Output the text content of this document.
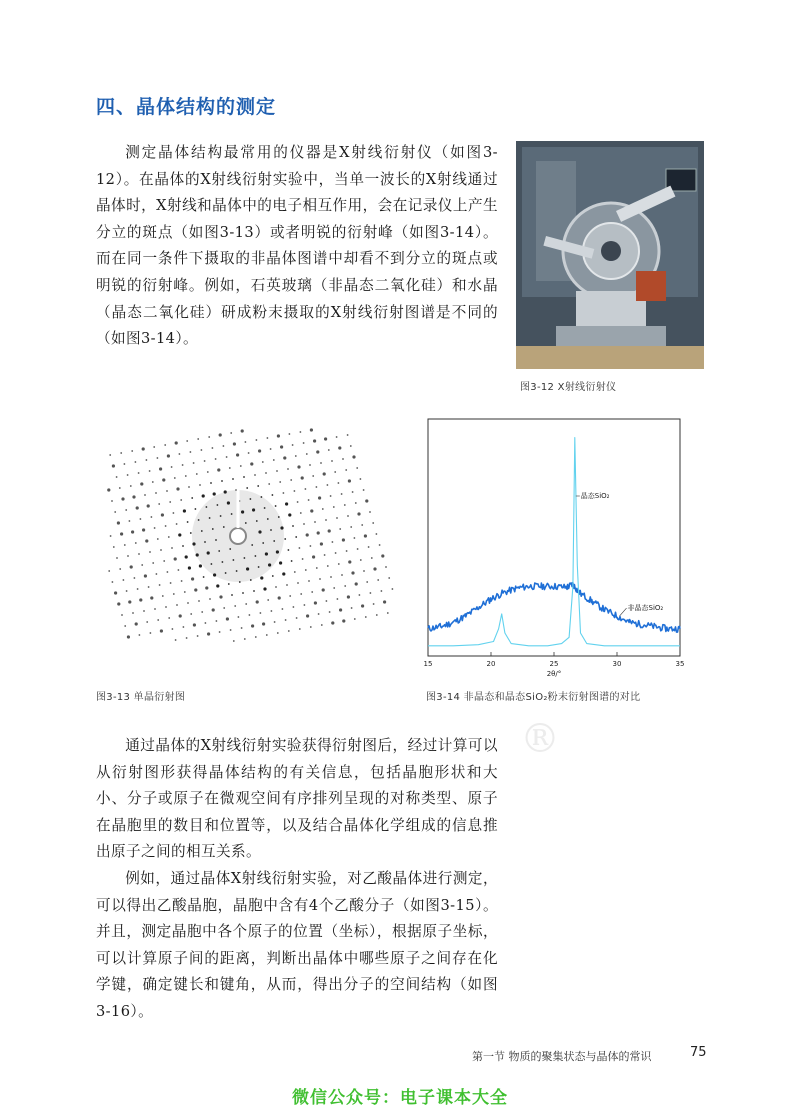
四、晶体结构的测定

测定晶体结构最常用的仪器是X射线衍射仪（如图3-12）。在晶体的X射线衍射实验中，当单一波长的X射线通过晶体时，X射线和晶体中的电子相互作用，会在记录仪上产生分立的斑点（如图3-13）或者明锐的衍射峰（如图3-14）。而在同一条件下摄取的非晶体图谱中却看不到分立的斑点或明锐的衍射峰。例如，石英玻璃（非晶态二氧化硅）和水晶（晶态二氧化硅）研成粉末摄取的X射线衍射图谱是不同的（如图3-14）。

图3-12 X射线衍射仪
图3-13 单晶衍射图
15	20	25	30	35
晶态SiO₂
非晶态SiO₂
2θ/°
图3-14 非晶态和晶态SiO₂粉末衍射图谱的对比
®

通过晶体的X射线衍射实验获得衍射图后，经过计算可以从衍射图形获得晶体结构的有关信息，包括晶胞形状和大小、分子或原子在微观空间有序排列呈现的对称类型、原子在晶胞里的数目和位置等，以及结合晶体化学组成的信息推出原子之间的相互关系。

例如，通过晶体X射线衍射实验，对乙酸晶体进行测定，可以得出乙酸晶胞，晶胞中含有4个乙酸分子（如图3-15）。并且，测定晶胞中各个原子的位置（坐标），根据原子坐标，可以计算原子间的距离，判断出晶体中哪些原子之间存在化学键，确定键长和键角，从而，得出分子的空间结构（如图3-16）。

第一节 物质的聚集状态与晶体的常识	75
微信公众号：电子课本大全
